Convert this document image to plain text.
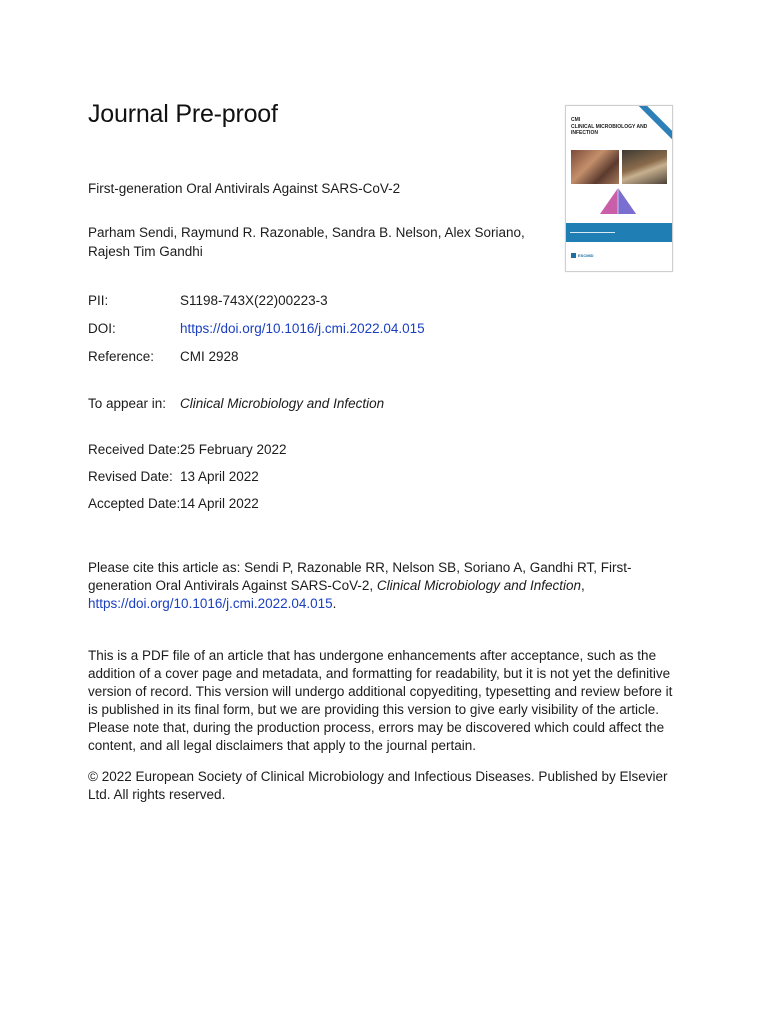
Journal Pre-proof	CMI
CLINICAL MICROBIOLOGY AND INFECTION
▬▬▬▬▬▬▬▬▬▬▬▬▬▬▬
ESCMID
First-generation Oral Antivirals Against SARS-CoV-2
Parham Sendi, Raymund R. Razonable, Sandra B. Nelson, Alex Soriano, Rajesh Tim Gandhi
PII:	S1198-743X(22)00223-3
DOI:	https://doi.org/10.1016/j.cmi.2022.04.015
Reference: CMI 2928
To appear in: Clinical Microbiology and Infection
Received Date: 25 February 2022
Revised Date: 13 April 2022
Accepted Date: 14 April 2022
Please cite this article as: Sendi P, Razonable RR, Nelson SB, Soriano A, Gandhi RT, First-generation Oral Antivirals Against SARS-CoV-2, Clinical Microbiology and Infection, https://doi.org/10.1016/j.cmi.2022.04.015.
This is a PDF file of an article that has undergone enhancements after acceptance, such as the addition of a cover page and metadata, and formatting for readability, but it is not yet the definitive version of record. This version will undergo additional copyediting, typesetting and review before it is published in its final form, but we are providing this version to give early visibility of the article. Please note that, during the production process, errors may be discovered which could affect the content, and all legal disclaimers that apply to the journal pertain.
© 2022 European Society of Clinical Microbiology and Infectious Diseases. Published by Elsevier Ltd. All rights reserved.
